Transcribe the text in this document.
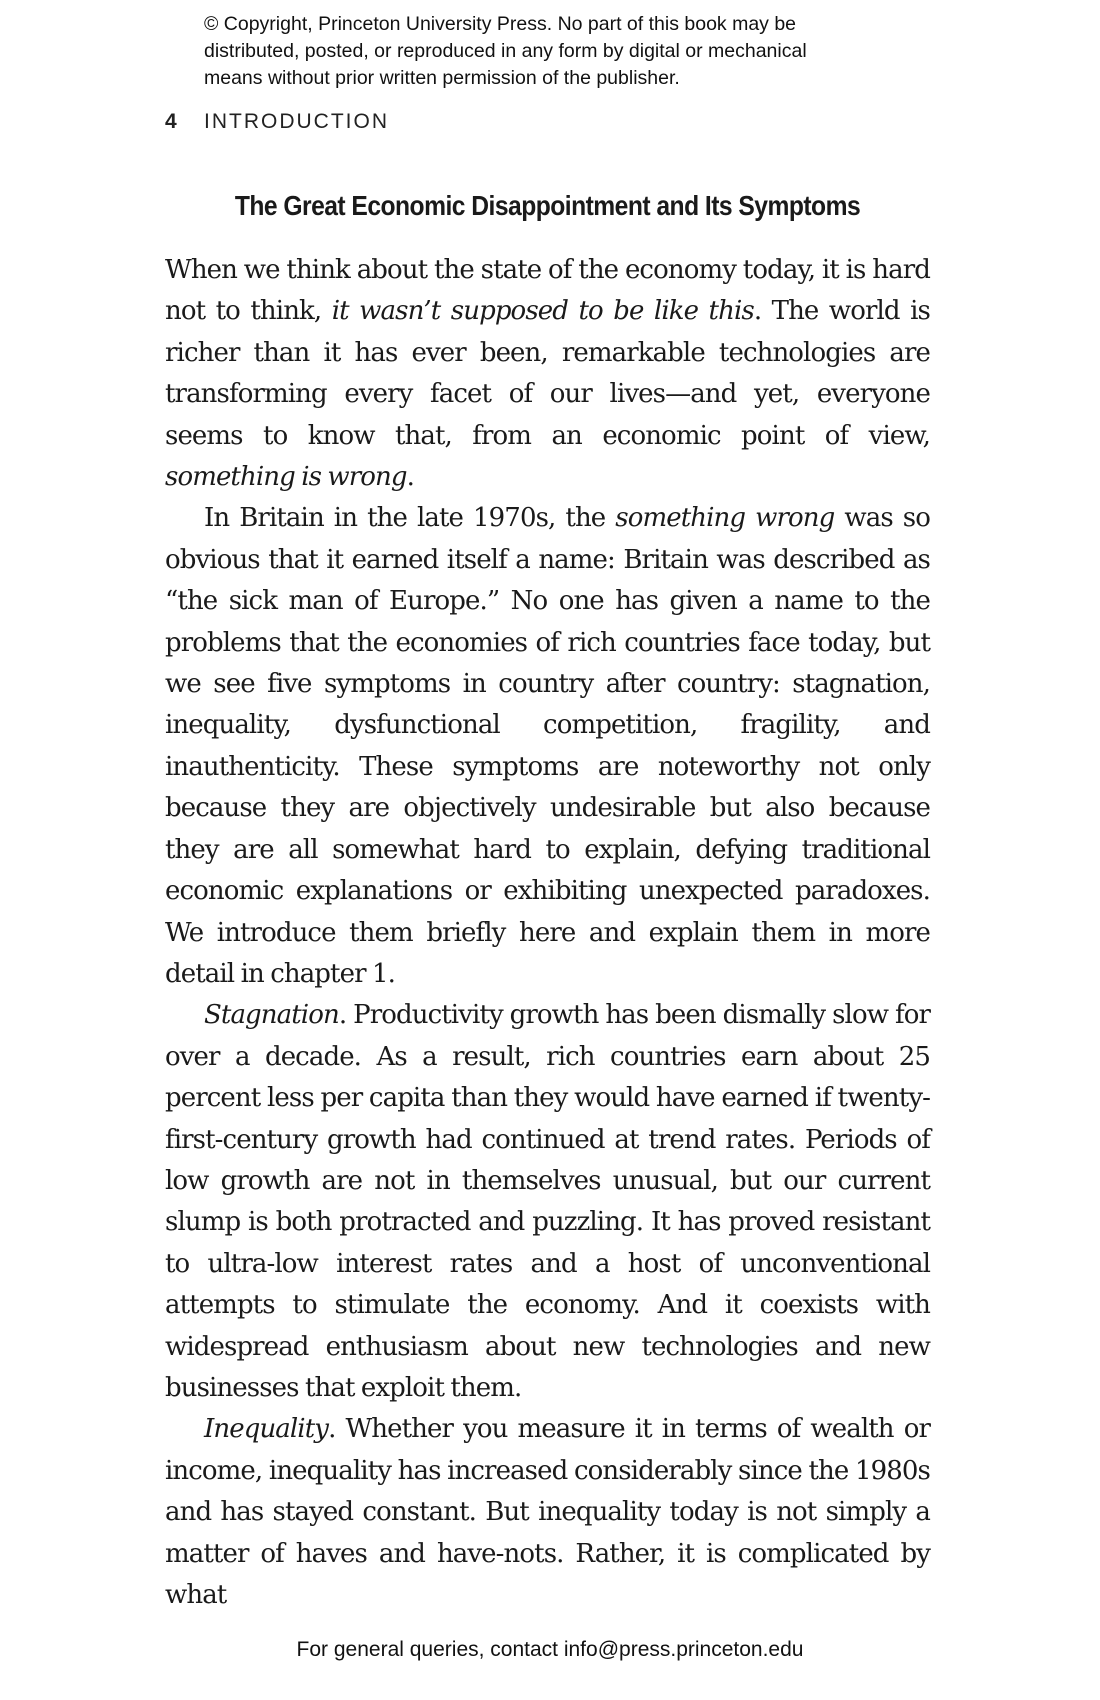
© Copyright, Princeton University Press. No part of this book may be
distributed, posted, or reproduced in any form by digital or mechanical
means without prior written permission of the publisher.
4 INTRODUCTION
The Great Economic Disappointment and Its Symptoms

When we think about the state of the economy today, it is hard not to think, it wasn’t supposed to be like this. The world is richer than it has ever been, remarkable technologies are transforming every facet of our lives—and yet, everyone seems to know that, from an economic point of view, something is wrong.

In Britain in the late 1970s, the something wrong was so obvious that it earned itself a name: Britain was described as “the sick man of Europe.” No one has given a name to the problems that the economies of rich countries face today, but we see five symptoms in country after country: stagnation, inequality, dysfunctional competition, fragility, and inauthenticity. These symptoms are noteworthy not only because they are objectively undesirable but also because they are all somewhat hard to explain, defying traditional economic explanations or exhibiting unexpected paradoxes. We introduce them briefly here and explain them in more detail in chapter 1.

Stagnation. Productivity growth has been dismally slow for over a decade. As a result, rich countries earn about 25 percent less per capita than they would have earned if twenty-first-century growth had continued at trend rates. Periods of low growth are not in themselves unusual, but our current slump is both protracted and puzzling. It has proved resistant to ultra-low interest rates and a host of unconventional attempts to stimulate the economy. And it coexists with widespread enthusiasm about new technologies and new businesses that exploit them.

Inequality. Whether you measure it in terms of wealth or income, inequality has increased considerably since the 1980s and has stayed constant. But inequality today is not simply a matter of haves and have-nots. Rather, it is complicated by what

For general queries, contact info@press.princeton.edu
